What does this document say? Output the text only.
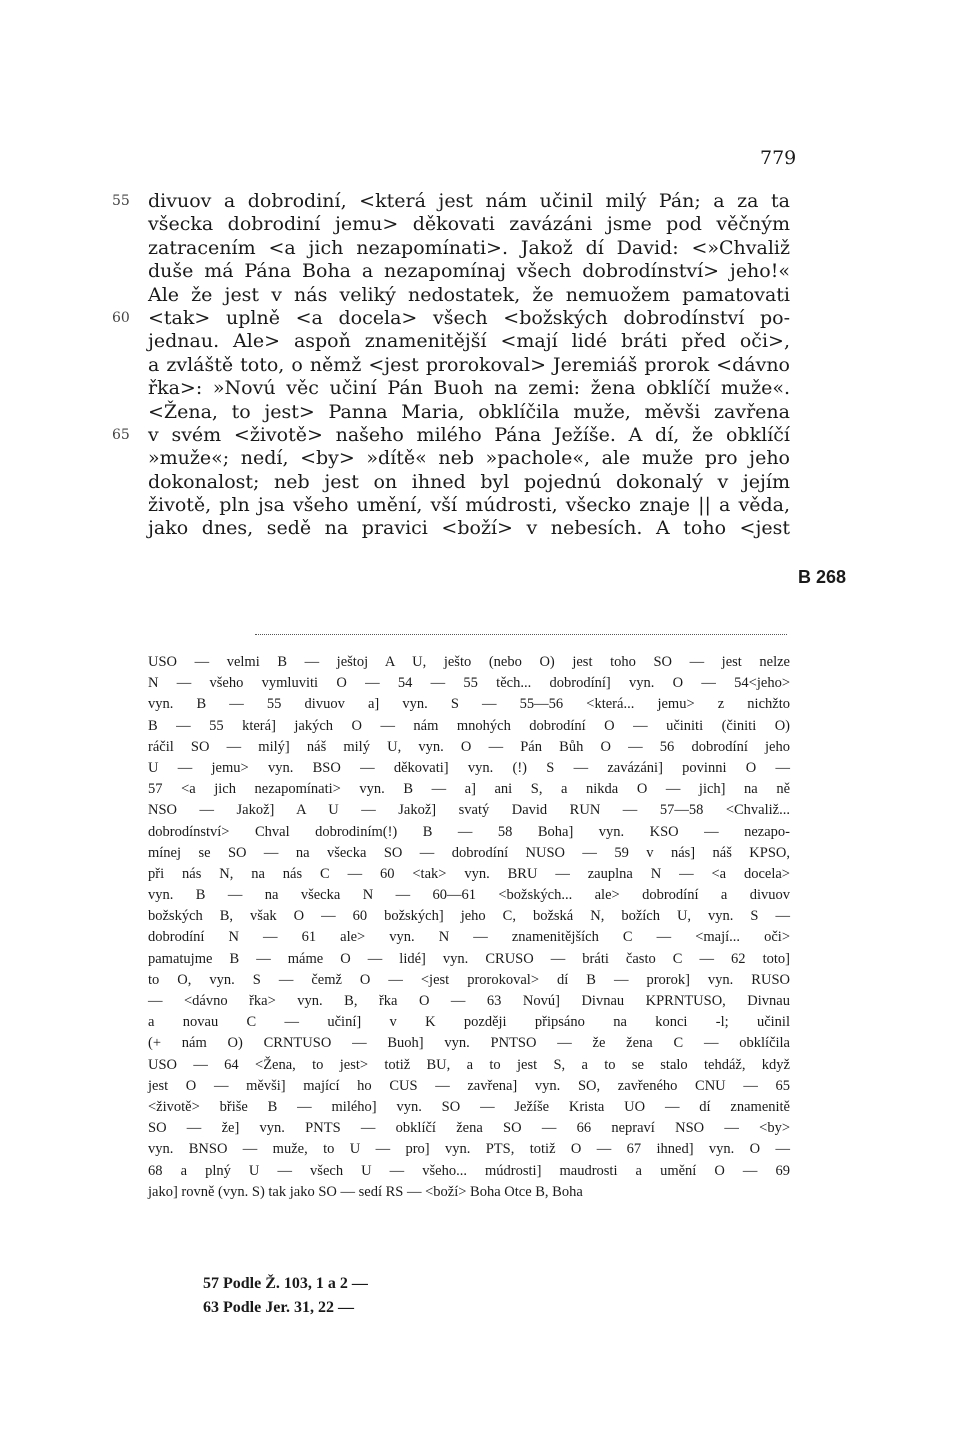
779
55 divuov a dobrodiní, <která jest nám učinil milý Pán; a za ta
všecka dobrodiní jemu> děkovati zavázáni jsme pod věčným
zatracením <a jich nezapomínati>. Jakož dí David: <»Chvaliž
duše má Pána Boha a nezapomínaj všech dobrodínství> jeho!«
Ale že jest v nás veliký nedostatek, že nemuožem pamatovati
60 <tak> uplně <a docela> všech <božských dobrodínství po-
jednau. Ale> aspoň znamenitější <mají lidé bráti před oči>,
a zvláště toto, o němž <jest prorokoval> Jeremiáš prorok <dávno
řka>: »Novú věc učiní Pán Buoh na zemi: žena obklíčí muže«.
<Žena, to jest> Panna Maria, obklíčila muže, měvši zavřena
65 v svém <životě> našeho milého Pána Ježíše. A dí, že obklíčí
»muže«; nedí, <by> »dítě« neb »pachole«, ale muže pro jeho
dokonalost; neb jest on ihned byl pojednú dokonalý v jejím
životě, pln jsa všeho umění, vší múdrosti, všecko znaje || a věda,
jako dnes, sedě na pravici <boží> v nebesích. A toho <jest
B 268
USO — velmi B — ještoj A U, ješto (nebo O) jest toho SO — jest nelze
N — všeho vymluviti O — 54 — 55 těch... dobrodíní] vyn. O — 54<jeho>
vyn. B — 55 divuov a] vyn. S — 55—56 <která... jemu> z nichžto
B — 55 která] jakých O — nám mnohých dobrodíní O — učiniti (činiti O)
ráčil SO — milý] náš milý U, vyn. O — Pán Bůh O — 56 dobrodíní jeho
U — jemu> vyn. BSO — děkovati] vyn. (!) S — zavázáni] povinni O —
57 <a jich nezapomínati> vyn. B — a] ani S, a nikda O — jich] na ně
NSO — Jakož] A U — Jakož] svatý David RUN — 57—58 <Chvaliž...
dobrodínství> Chval dobrodiním(!) B — 58 Boha] vyn. KSO — nezapo-
mínej se SO — na všecka SO — dobrodíní NUSO — 59 v nás] náš KPSO,
při nás N, na nás C — 60 <tak> vyn. BRU — zauplna N — <a docela>
vyn. B — na všecka N — 60—61 <božských... ale> dobrodíní a divuov
božských B, však O — 60 božských] jeho C, božská N, božích U, vyn. S —
dobrodíní N — 61 ale> vyn. N — znamenitějších C — <mají... oči>
pamatujme B — máme O — lidé] vyn. CRUSO — bráti často C — 62 toto]
to O, vyn. S — čemž O — <jest prorokoval> dí B — prorok] vyn. RUSO
— <dávno řka> vyn. B, řka O — 63 Novú] Divnau KPRNTUSO, Divnau
a novau C — učiní] v K později připsáno na konci -l; učinil
(+ nám O) CRNTUSO — Buoh] vyn. PNTSO — že žena C — obklíčila
USO — 64 <Žena, to jest> totiž BU, a to jest S, a to se stalo tehdáž, když
jest O — měvši] mající ho CUS — zavřena] vyn. SO, zavřeného CNU — 65
<životě> břiše B — milého] vyn. SO — Ježíše Krista UO — dí znamenitě
SO — že] vyn. PNTS — obklíčí žena SO — 66 nepraví NSO — <by>
vyn. BNSO — muže, to U — pro] vyn. PTS, totiž O — 67 ihned] vyn. O —
68 a plný U — všech U — všeho... múdrosti] maudrosti a umění O — 69
jako] rovně (vyn. S) tak jako SO — sedí RS — <boží> Boha Otce B, Boha
57 Podle Ž. 103, 1 a 2 —
63 Podle Jer. 31, 22 —
